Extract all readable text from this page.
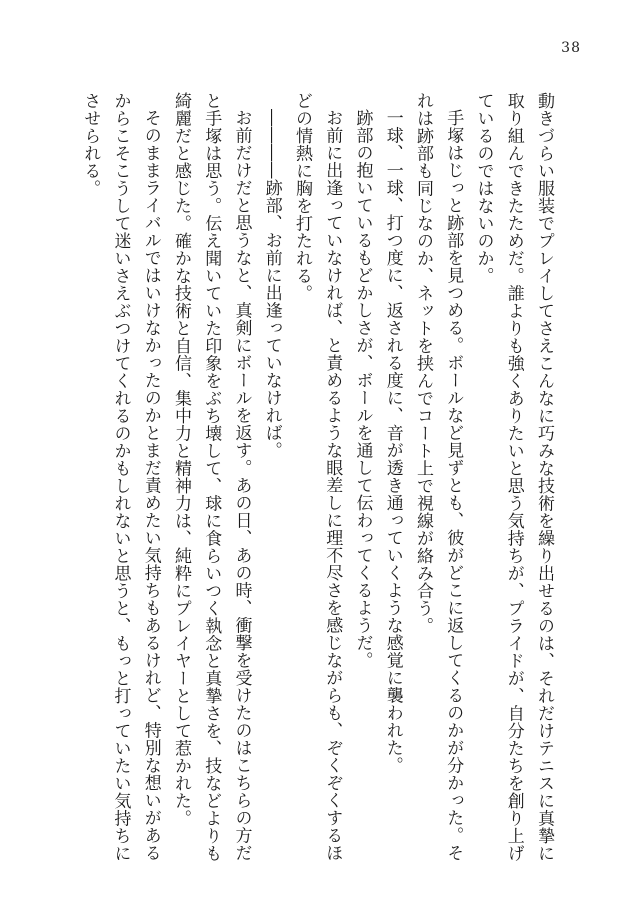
38

動きづらい服装でプレイしてさえこんなに巧みな技術を繰り出せるのは、それだけテニスに真摯に取り組んできたためだ。誰よりも強くありたいと思う気持ちが、プライドが、自分たちを創り上げているのではないのか。

手塚はじっと跡部を見つめる。ボールなど見ずとも、彼がどこに返してくるのかが分かった。それは跡部も同じなのか、ネットを挟んでコート上で視線が絡み合う。

一球、一球、打つ度に、返される度に、音が透き通っていくような感覚に襲われた。

跡部の抱いているもどかしさが、ボールを通して伝わってくるようだ。

お前に出逢っていなければ、と責めるような眼差しに理不尽さを感じながらも、ぞくぞくするほどの情熱に胸を打たれる。

――――跡部、お前に出逢っていなければ。

お前だけだと思うなと、真剣にボールを返す。あの日、あの時、衝撃を受けたのはこちらの方だと手塚は思う。伝え聞いていた印象をぶち壊して、球に食らいつく執念と真摯さを、技などよりも綺麗だと感じた。確かな技術と自信、集中力と精神力は、純粋にプレイヤーとして惹かれた。

そのままライバルではいけなかったのかとまだ責めたい気持ちもあるけれど、特別な想いがあるからこそこうして迷いさえぶつけてくれるのかもしれないと思うと、もっと打っていたい気持ちにさせられる。
